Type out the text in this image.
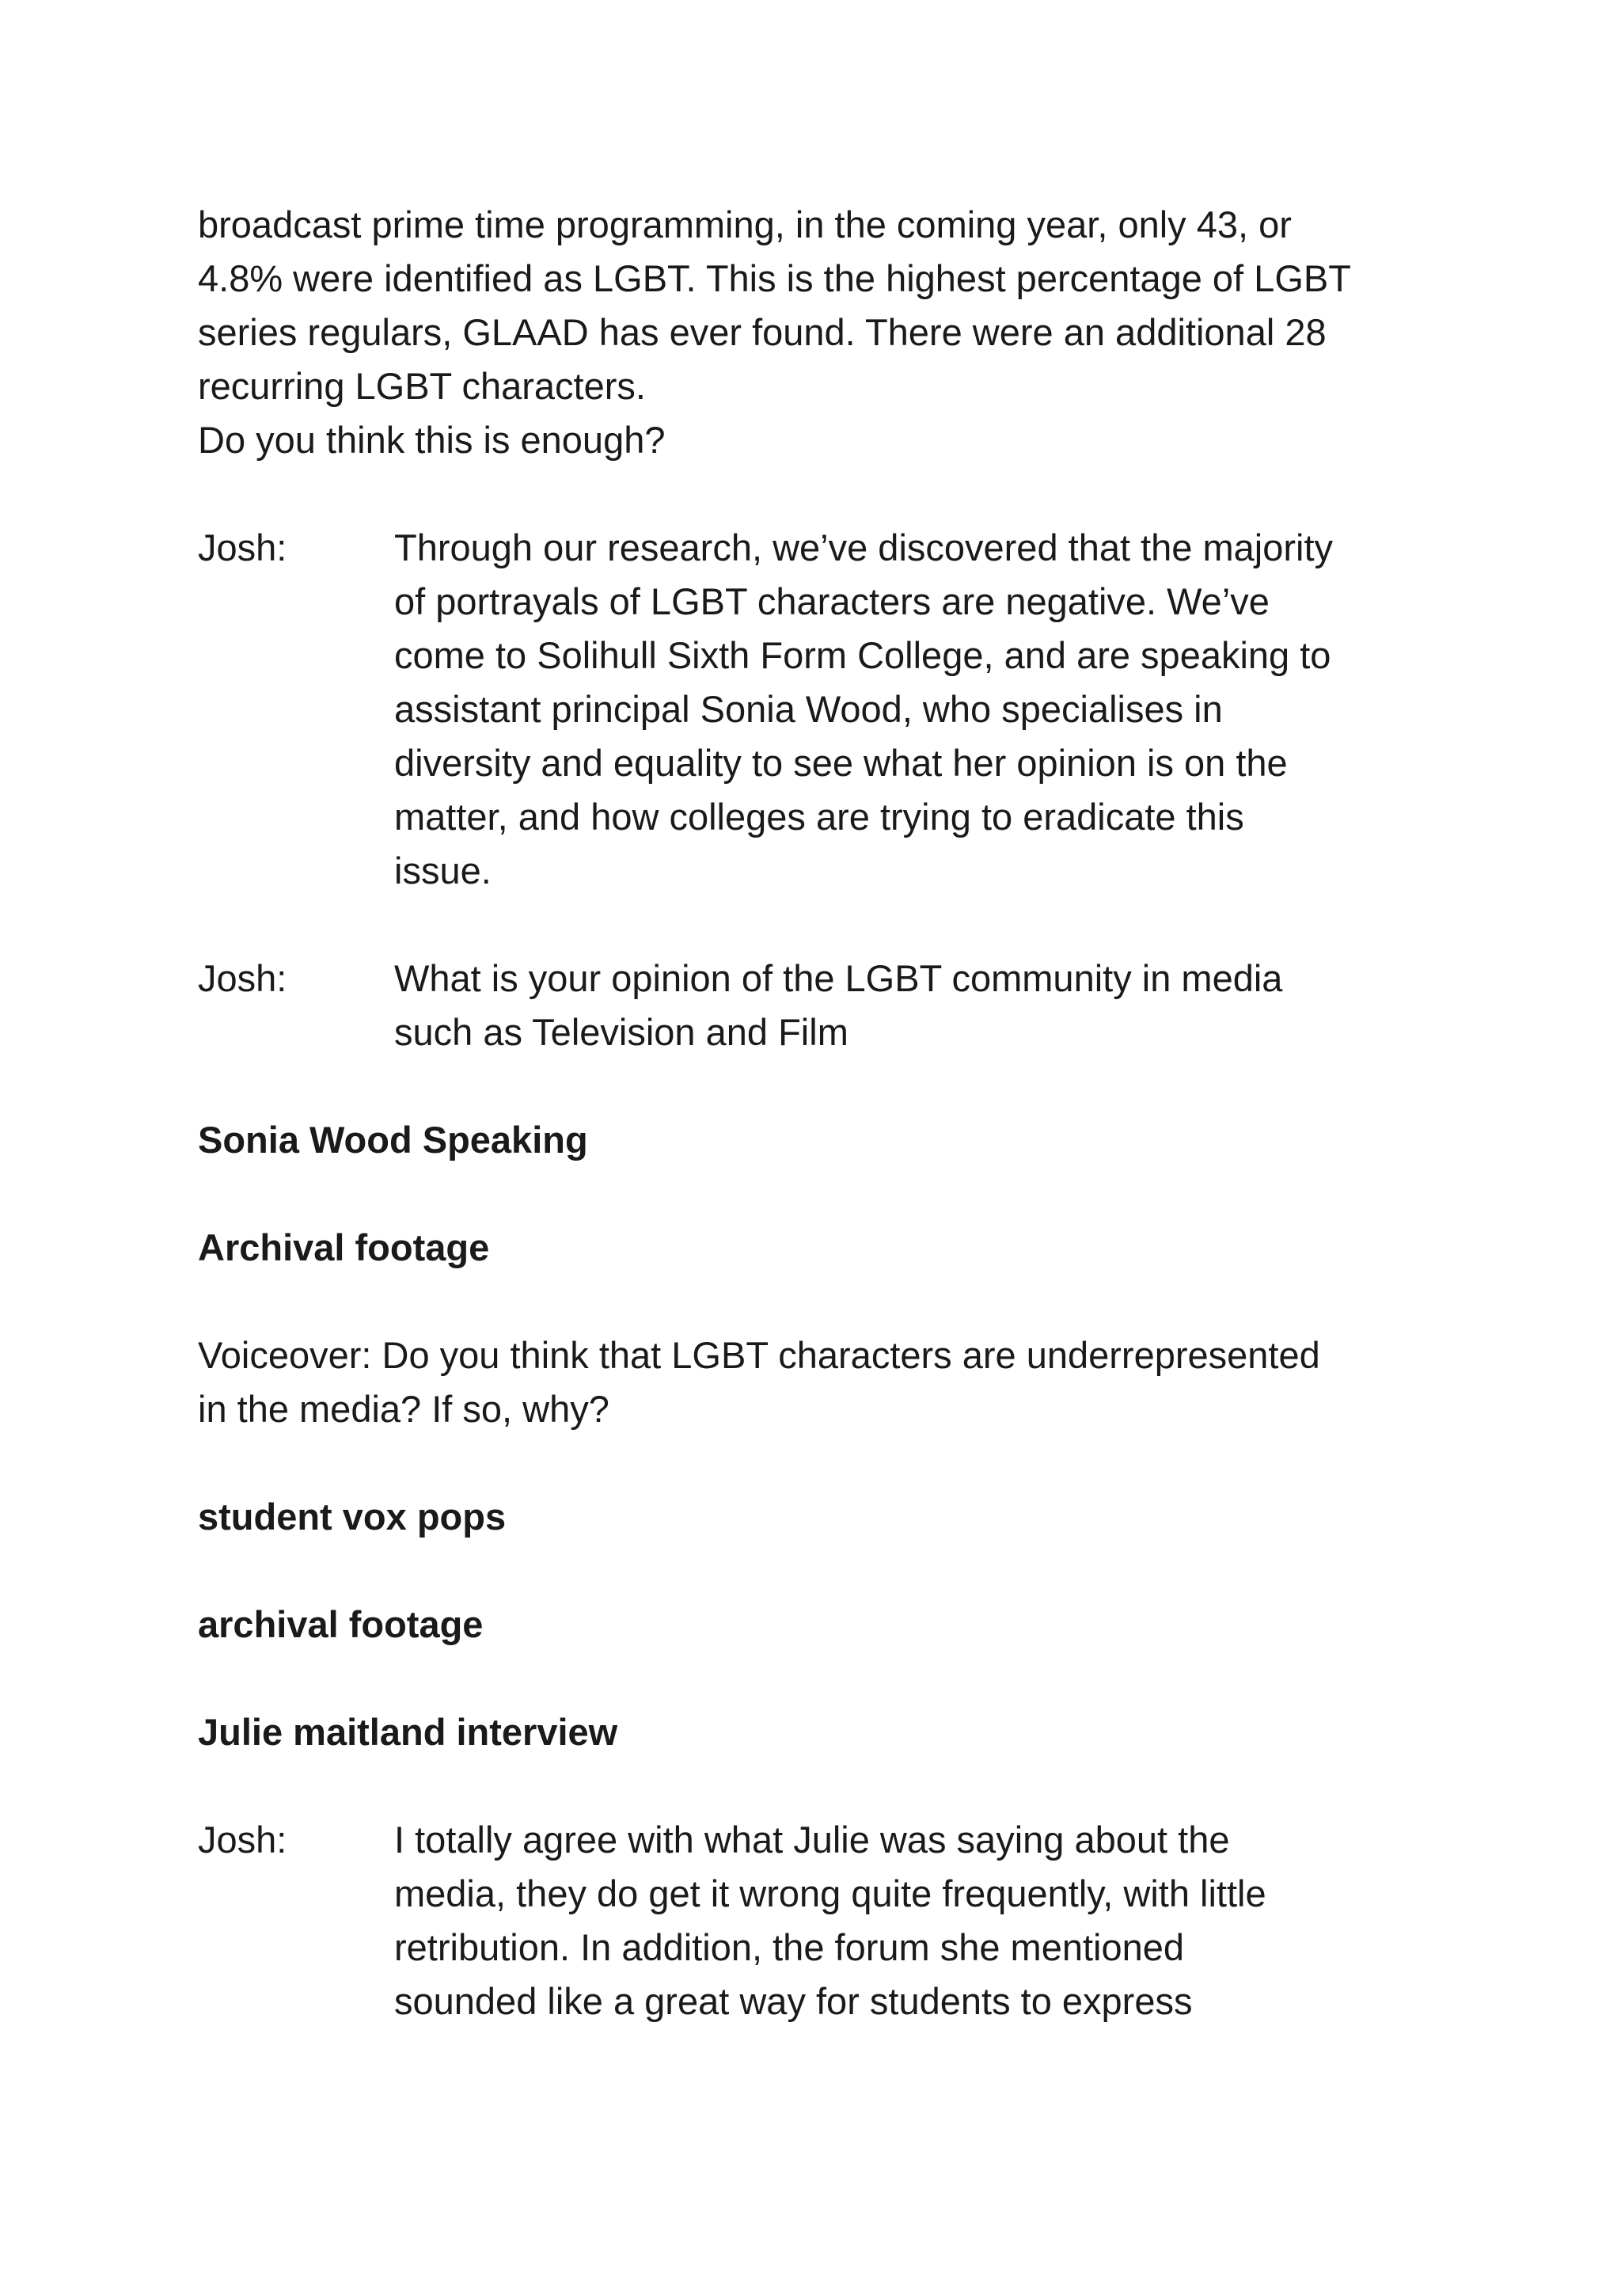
broadcast prime time programming, in the coming year, only 43, or
4.8% were identified as LGBT. This is the highest percentage of LGBT
series regulars, GLAAD has ever found. There were an additional 28
recurring LGBT characters.
Do you think this is enough?
Josh:	Through our research, we’ve discovered that the majority
of portrayals of LGBT characters are negative. We’ve
come to Solihull Sixth Form College, and are speaking to
assistant principal Sonia Wood, who specialises in
diversity and equality to see what her opinion is on the
matter, and how colleges are trying to eradicate this
issue.
Josh:	What is your opinion of the LGBT community in media
such as Television and Film
Sonia Wood Speaking
Archival footage
Voiceover: Do you think that LGBT characters are underrepresented
in the media? If so, why?
student vox pops
archival footage
Julie maitland interview
Josh:	I totally agree with what Julie was saying about the
media, they do get it wrong quite frequently, with little
retribution. In addition, the forum she mentioned
sounded like a great way for students to express
